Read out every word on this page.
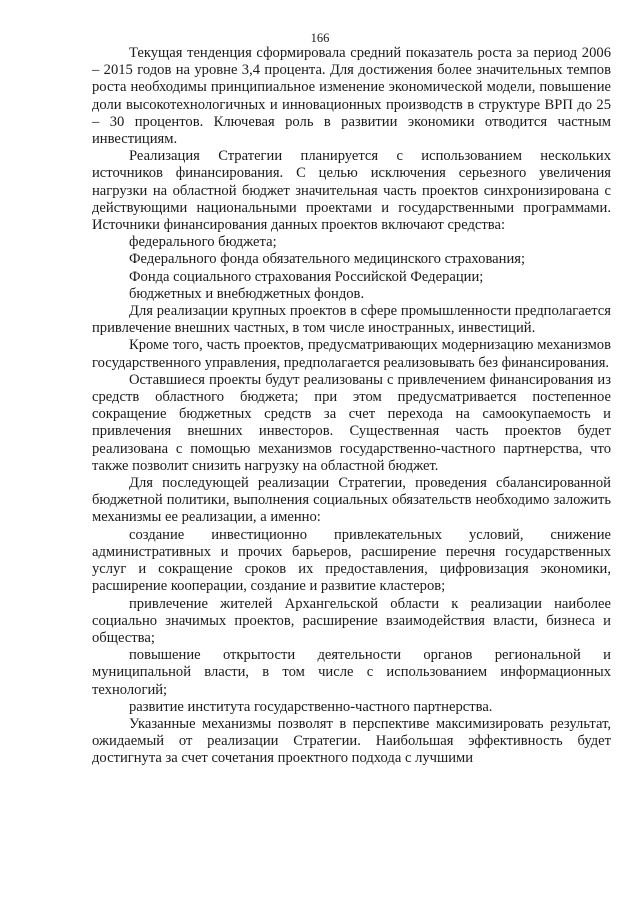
166

Текущая тенденция сформировала средний показатель роста за период 2006 – 2015 годов на уровне 3,4 процента. Для достижения более значительных темпов роста необходимы принципиальное изменение экономической модели, повышение доли высокотехнологичных и инновационных производств в структуре ВРП до 25 – 30 процентов. Ключевая роль в развитии экономики отводится частным инвестициям.

Реализация Стратегии планируется с использованием нескольких источников финансирования. С целью исключения серьезного увеличения нагрузки на областной бюджет значительная часть проектов синхронизирована с действующими национальными проектами и государственными программами. Источники финансирования данных проектов включают средства:

федерального бюджета;

Федерального фонда обязательного медицинского страхования;

Фонда социального страхования Российской Федерации;

бюджетных и внебюджетных фондов.

Для реализации крупных проектов в сфере промышленности предполагается привлечение внешних частных, в том числе иностранных, инвестиций.

Кроме того, часть проектов, предусматривающих модернизацию механизмов государственного управления, предполагается реализовывать без финансирования.

Оставшиеся проекты будут реализованы с привлечением финансирования из средств областного бюджета; при этом предусматривается постепенное сокращение бюджетных средств за счет перехода на самоокупаемость и привлечения внешних инвесторов. Существенная часть проектов будет реализована с помощью механизмов государственно-частного партнерства, что также позволит снизить нагрузку на областной бюджет.

Для последующей реализации Стратегии, проведения сбалансированной бюджетной политики, выполнения социальных обязательств необходимо заложить механизмы ее реализации, а именно:

создание инвестиционно привлекательных условий, снижение административных и прочих барьеров, расширение перечня государственных услуг и сокращение сроков их предоставления, цифровизация экономики, расширение кооперации, создание и развитие кластеров;

привлечение жителей Архангельской области к реализации наиболее социально значимых проектов, расширение взаимодействия власти, бизнеса и общества;

повышение открытости деятельности органов региональной и муниципальной власти, в том числе с использованием информационных технологий;

развитие института государственно-частного партнерства.

Указанные механизмы позволят в перспективе максимизировать результат, ожидаемый от реализации Стратегии. Наибольшая эффективность будет достигнута за счет сочетания проектного подхода с лучшими
